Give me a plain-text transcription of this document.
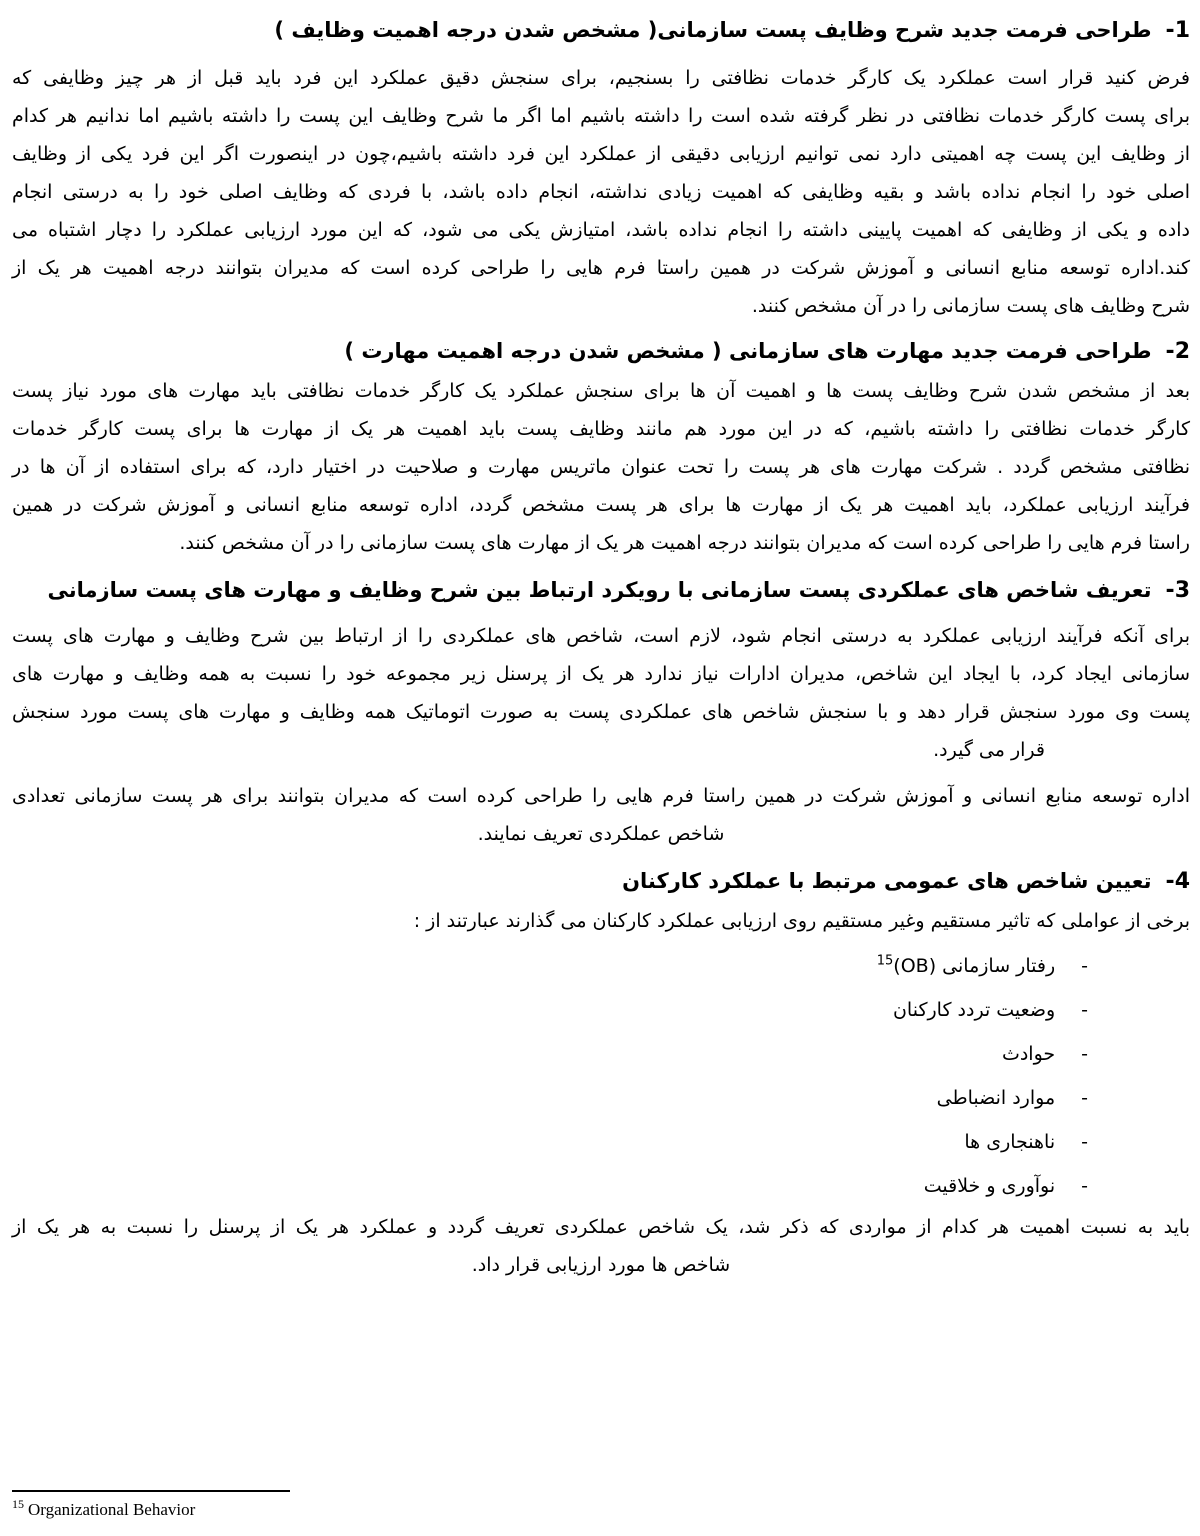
1-
طراحی فرمت جدید شرح وظایف پست سازمانی( مشخص شدن درجه اهمیت وظایف )
فرض کنید قرار است عملکرد یک کارگر خدمات نظافتی را بسنجیم، برای سنجش دقیق عملکرد این فرد باید قبل از هر چیز وظایفی که
برای پست کارگر خدمات نظافتی در نظر گرفته شده است را داشته باشیم اما اگر ما شرح وظایف این پست را داشته باشیم اما ندانیم هر کدام
از وظایف این پست چه اهمیتی دارد نمی توانیم ارزیابی دقیقی از عملکرد این فرد داشته باشیم،چون در اینصورت اگر این فرد یکی از وظایف
اصلی خود را انجام نداده باشد و بقیه وظایفی که اهمیت زیادی نداشته، انجام داده باشد، با فردی که وظایف اصلی خود را به درستی انجام
داده و یکی از وظایفی که اهمیت پایینی داشته را انجام نداده باشد، امتیازش یکی می شود، که این مورد ارزیابی عملکرد را دچار اشتباه می
کند.اداره توسعه منابع انسانی و آموزش شرکت در همین راستا فرم هایی را طراحی کرده است که مدیران بتوانند درجه اهمیت هر یک از
شرح وظایف های پست سازمانی را در آن مشخص کنند.
2-
طراحی فرمت جدید مهارت های سازمانی ( مشخص شدن درجه اهمیت مهارت )
بعد از مشخص شدن شرح وظایف پست ها و اهمیت آن ها برای سنجش عملکرد یک کارگر خدمات نظافتی باید مهارت های مورد نیاز پست
کارگر خدمات نظافتی را داشته باشیم، که در این مورد هم مانند وظایف پست باید اهمیت هر یک از مهارت ها برای پست کارگر خدمات
نظافتی مشخص گردد . شرکت مهارت های هر پست را تحت عنوان ماتریس مهارت و صلاحیت در اختیار دارد، که برای استفاده از آن ها در
فرآیند ارزیابی عملکرد، باید اهمیت هر یک از مهارت ها برای هر پست مشخص گردد، اداره توسعه منابع انسانی و آموزش شرکت در همین
راستا فرم هایی را طراحی کرده است که مدیران بتوانند درجه اهمیت هر یک از مهارت های پست سازمانی را در آن مشخص کنند.
3-
تعریف شاخص های عملکردی پست سازمانی با رویکرد ارتباط بین شرح وظایف و مهارت های پست سازمانی
برای آنکه فرآیند ارزیابی عملکرد به درستی انجام شود، لازم است، شاخص های عملکردی را از ارتباط بین شرح وظایف و مهارت های پست
سازمانی ایجاد کرد، با ایجاد این شاخص، مدیران ادارات نیاز ندارد هر یک از پرسنل زیر مجموعه خود را نسبت به همه وظایف و مهارت های
پست وی مورد سنجش قرار دهد و با سنجش شاخص های عملکردی پست به صورت اتوماتیک همه وظایف و مهارت های پست مورد سنجش
قرار می گیرد.
اداره توسعه منابع انسانی و آموزش شرکت در همین راستا فرم هایی را طراحی کرده است که مدیران بتوانند برای هر پست سازمانی تعدادی
شاخص عملکردی تعریف نمایند.
4-
تعیین شاخص های عمومی مرتبط با عملکرد کارکنان
برخی از عواملی که تاثیر مستقیم وغیر مستقیم روی ارزیابی عملکرد کارکنان می گذارند عبارتند از :
-
رفتار سازمانی (OB)$^{15}$
-
وضعیت تردد کارکنان
-
حوادث
-
موارد انضباطی
-
ناهنجاری ها
-
نوآوری و خلاقیت
باید به نسبت اهمیت هر کدام از مواردی که ذکر شد، یک شاخص عملکردی تعریف گردد و عملکرد هر یک از پرسنل را نسبت به هر یک از
شاخص ها مورد ارزیابی قرار داد.
$^{15}$ Organizational Behavior
